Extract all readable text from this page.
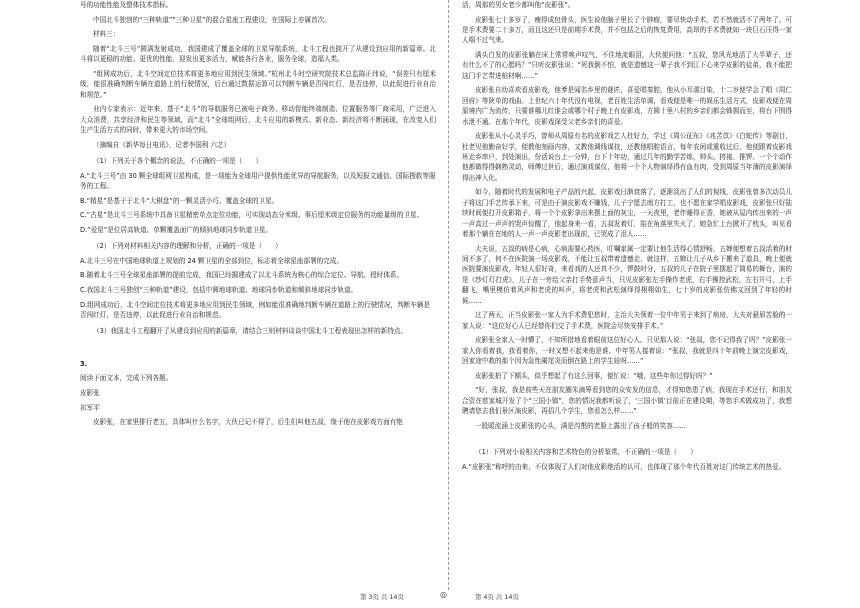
号的功能性能及整体技术指标。

中国北斗独创的“三种轨道”“三种卫星”的混合星座工程建设，在国际上亦属首次。

材料三：

随着“北斗三号”圆满发射成功，我国建成了覆盖全球的卫星导航系统，北斗工程也拥开了从建设到应用的新篇章。北斗将以更稳的功能、更优的性能，迎发出更多活力，赋能各行各业，服务全球，造福人类。

“组网成功后，北斗空间定位技术将更多地应用到民生领域。”杭州北斗时空研究院技术总监陈正纬说，“误差只有厘米级，能很准确判断车辆在道路上的行驶情况，后台通过数据运算可以判断车辆是否闯红灯，是否违停，以此促进行业自治和规范。”

业内专家表示：近年来，基于“北斗”的导航服务已被电子商务、移动智能终端制造、位置服务等厂商采用，广泛进入大众消费，共享经济和民生等领域，而“北斗”全球组网后，北斗应用的新模式、新业态、新经济将不断涌现，在改变人们生产生活方式的同时，带来更大的市场空间。

（摘编自《新华每日电讯》，记者李国利 六艺）

（1）下列关于各个概念的说法，不正确的一项是（　　）

A.“北斗三号”由 30 颗全球组网卫星构成，是一项能为全球用户提供性能优异的导航服务，以及短报文通信、国际搜救等服务的工程。

B.“精星”是基于于北斗“大棋盘”的一颗灵活小巧、覆盖全球的卫星。

C.“古星”是北斗三号系统中具备卫星精密单点定位功能，可实现动态分米级、事后厘米级定位服务的功能量级的卫星。

D.“爱星”是位居高轨道、单颗覆盖面广的倾斜地球同步轨道卫星。

（2）下列对材料相关内容的理解和分析，正确的一项是（　　）

A.北斗三号在中国地球轨道上规划的 24 颗卫星的全部到位，标志着全球星座部署的完成。

B.随着北斗三号全球星座部署的提前完成，我国已经掘建成了以北斗系统为核心的综合定位、导航、授时体系。

C.我国北斗三号独创“三种轨道”建设，包括中圆地球轨道、地球同步轨道和倾斜地球同步轨道。

D.组网成功后，北斗空间定位技术将更多地应用到民生领域，例如能很准确地判断车辆在道路上的行驶情况，判断车辆是否闯红灯，是否违停，以此促进行业自治和规范。

（3）我国北斗工程翻开了从建设到应用的新篇章，请结合三则材料谈谈中国北斗工程表现出怎样的新特点。

3.

阅读下面文本，完成下列各题。

皮影张

祁军平

皮影张，在家里排行老五，具体叫什么名字，大伙已记不得了，后生们叫他五叔，缘于他在皮影戏方面有绝

活，周那的男女老少都叫他“皮影张”。

皮影张七十多岁了，瘦得成包骨头，医生说他脑子里长了个肿瘤，要尽快动手术，若不然就活不了两年了。可是手术费要二十多万，而且这还只是前期手术费，并不包括之后的恢复费用，高昂的手术费就如一块巨石压得一家人喘不过气来。

满头白发的皮影张躺在床上常常唉声叹气，不住地流眼泪，大伙便问他：“五叔，您风光地活了大半辈子，还有什么不了的心愿吗？”只听皮影张说：“死我倒不怕，就是遗憾这一辈子我不到江下心来学皮影的徒弟，我不能把这门手艺带进棺材啊……”

皮影张自幼喜欢看皮影戏，他爹是闻名乡里的谜匠，喜爱唱秦腔，他从小耳濡目染，十二岁便学会了唱《周仁回府》等陕单的戏曲。上世纪六十年代没有电视，老百姓生活单调，看戏便是唯一的娱乐生活方式，皮影戏便在周原境内广为流传，只要谁哪儿红谁会或哪个村子晚上有皮影戏，方圆十里八村的乡亲们都会蜂拥而至，将台下围得水泄不通。在那个年代，皮影戏深受父老乡亲们的喜爱。

皮影张从小心灵手巧，曾师从周原有名的皮影戏艺人杜好力，学过《周公征东》《兆苫苡》《白蛇传》等剧目，杜老见他勤奋好学，便教他刻画内容，又教他调线谋技，还教他唱腔语言，每年农闲或重收过后，他便跟着皮影戏班走乡串户，到处演出，份活说台上一分钟，台下十年功，通过几年的勤学苦练，帅头、挎袍、推锣、一个个动作他都做得得娴熟灵动，师傅过世后，通过演戏谋仪，他将一个个人物演绎得有血有肉，受到周原当年薄的皮影演绎得出神入化。

如今，随着时代的发展和电子产品的兴起，皮影戏日渐衰落了，逐渐淡出了人们的视线，皮影张曾多次动员儿子将这门手艺传承下来，可是由于演皮影戏不赚钱，儿子宁愿去南方打工，也不愿在家学唱皮影戏，皮影张只好陆续时间便打开皮影箱子，将一个个皮影拿出来摆上面的灰尘，一天夜里，老伴睡得正香，她被从屋内传出来的一声一声高过一声声的哭声惊醒了，他起身来一看，五叔发着灯，陷在角落里失火了，她急忙上台掀开了枕头，叫见看着那个躺在在地的人一声一声皮影老出现前，已哭成了泪人……

大夫说，五叔的病是心病，心病需要心药医，叮嘱家属一定要让他生活得心情舒畅，五婶便想着五叔活着的时间不多了，何不在医院演一场皮影戏，不能让五叔带着遗憾走，就这样，五婶让儿子从乡下搬来了道具，晚上便就医院要演皮影戏，年轻人很好奇，来看戏的人还真不少，锣鼓时分，五叔的儿子在院子里摆起了简易的舞台，演的是《纱灯灯打虎》，儿子在一旁给父亲打手势意声当，只见皮影张左手操作老虎，右手操控武松，左右开弓，上手翻飞，嘴里模仿着风声和老虎的叫声，将老虎和武松演绎得栩栩如生，七十岁的皮影张仿佛又回到了年轻的时候……

过了两天，正当皮影张一家人为手术费犯愁时，主治大夫领着一位中年男子来到了病房，大夫对悬眉苦脸的一家人说：“这位好心人已经替你们交了手术费，医院会尽快安排手术。”

皮影张全家人一时懵了，不知所措地看着眼前这位好心人。只见那人说：“张叔，您不记得我了吗？”皮影张一家人你看着我，我看着你，一时又想不起来他是谁。中年男人接着说：“张叔，我就是四十年前晚上演完皮影戏，回家途中救的那个因为急性阑尾炎而倒在路上的学生娃呀……”

皮影张拍了下额头，似乎想起了有这么回事，便忙说：“哦，这些年你过得好吗？”

“好，张叔，我是前些天在朋友圈朱滴筹看到您的众安发的信息，才得知您患了病，我现在手术还行，和朋友合资在慈家城开发了个“三国小镇”，您的情况我都听说了，‘三国小镇’目前正在建设期，等您手术做成功了，我想聘请您去我们景区演皮影，再招几个学生，您看怎么样……”

一股暖流涌上皮影张的心头，满是沟壑的老脸上露出了孩子般的笑容……

（1）下列对小说相关内容和艺术特色的分析鉴赏，不正确的一项是（　　）

A.“皮影张”称呼的由来，不仅体现了人们对他皮影绝活的认可，也体现了那个年代百姓对这门传统艺术的热爱。

第 3页 共 14页	◎	第 4页 共 14页
